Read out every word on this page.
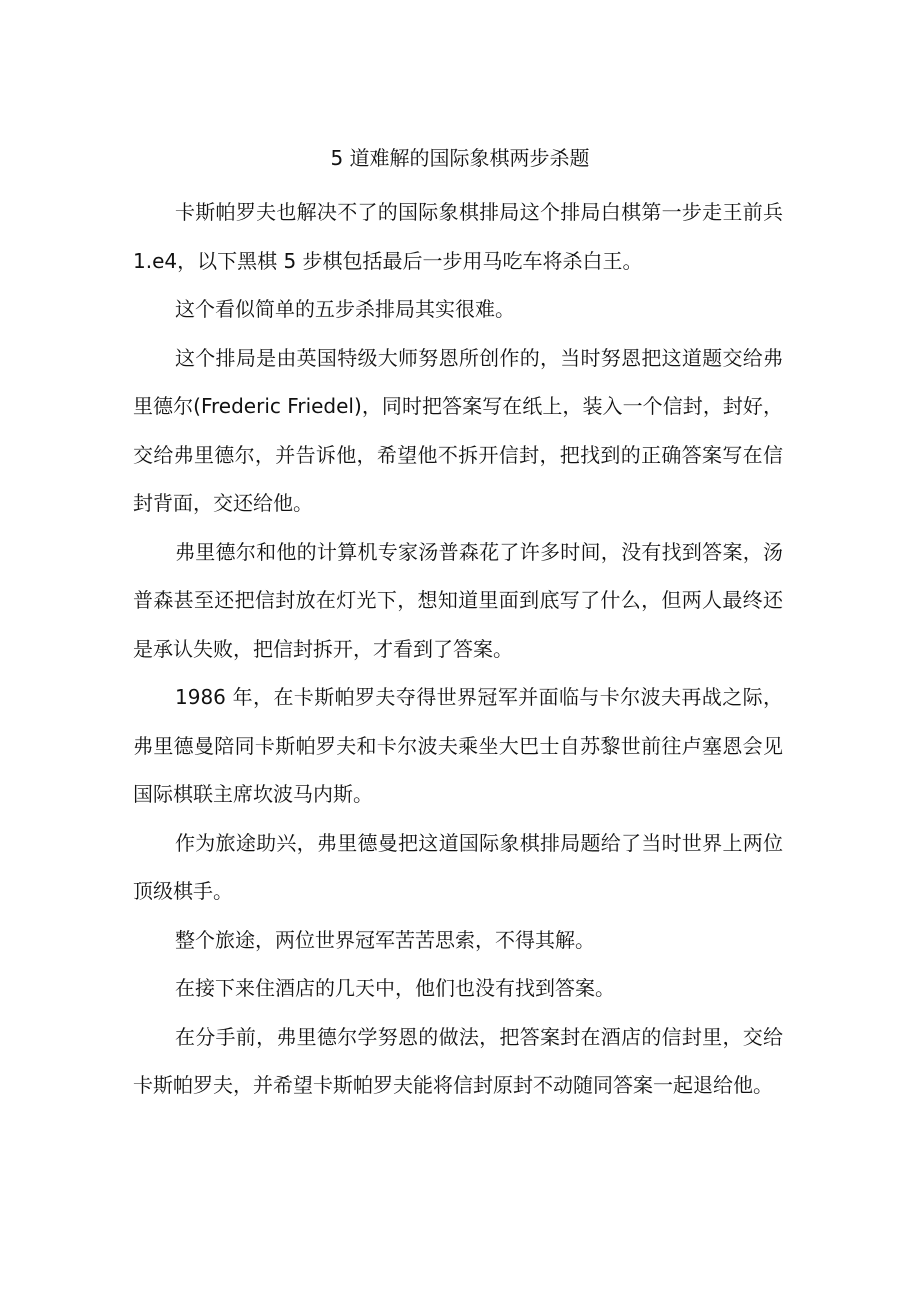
5 道难解的国际象棋两步杀题

卡斯帕罗夫也解决不了的国际象棋排局这个排局白棋第一步走王前兵 1.e4，以下黑棋 5 步棋包括最后一步用马吃车将杀白王。

这个看似简单的五步杀排局其实很难。

这个排局是由英国特级大师努恩所创作的，当时努恩把这道题交给弗里德尔(Frederic Friedel)，同时把答案写在纸上，装入一个信封，封好，交给弗里德尔，并告诉他，希望他不拆开信封，把找到的正确答案写在信封背面，交还给他。

弗里德尔和他的计算机专家汤普森花了许多时间，没有找到答案，汤普森甚至还把信封放在灯光下，想知道里面到底写了什么，但两人最终还是承认失败，把信封拆开，才看到了答案。

1986 年，在卡斯帕罗夫夺得世界冠军并面临与卡尔波夫再战之际，弗里德曼陪同卡斯帕罗夫和卡尔波夫乘坐大巴士自苏黎世前往卢塞恩会见国际棋联主席坎波马内斯。

作为旅途助兴，弗里德曼把这道国际象棋排局题给了当时世界上两位顶级棋手。

整个旅途，两位世界冠军苦苦思索，不得其解。

在接下来住酒店的几天中，他们也没有找到答案。

在分手前，弗里德尔学努恩的做法，把答案封在酒店的信封里，交给卡斯帕罗夫，并希望卡斯帕罗夫能将信封原封不动随同答案一起退给他。
